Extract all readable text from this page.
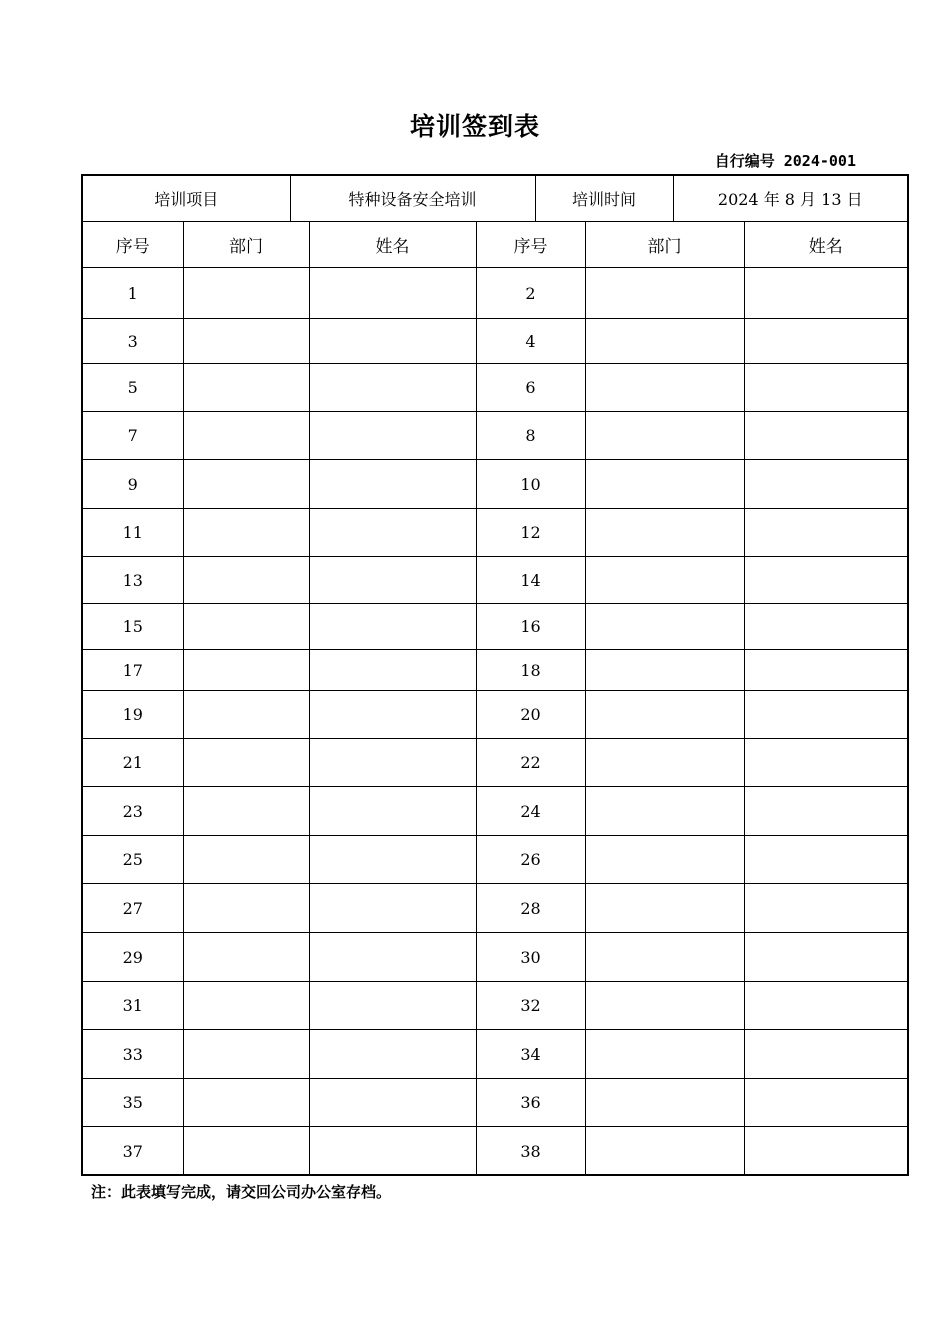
培训签到表
自行编号 2024-001
培训项目	特种设备安全培训	培训时间	2024 年 8 月 13 日
序号	部门	姓名	序号	部门	姓名
1			2		
3			4		
5			6		
7			8		
9			10		
11			12		
13			14		
15			16		
17			18		
19			20		
21			22		
23			24		
25			26		
27			28		
29			30		
31			32		
33			34		
35			36		
37			38		
注：此表填写完成，请交回公司办公室存档。
